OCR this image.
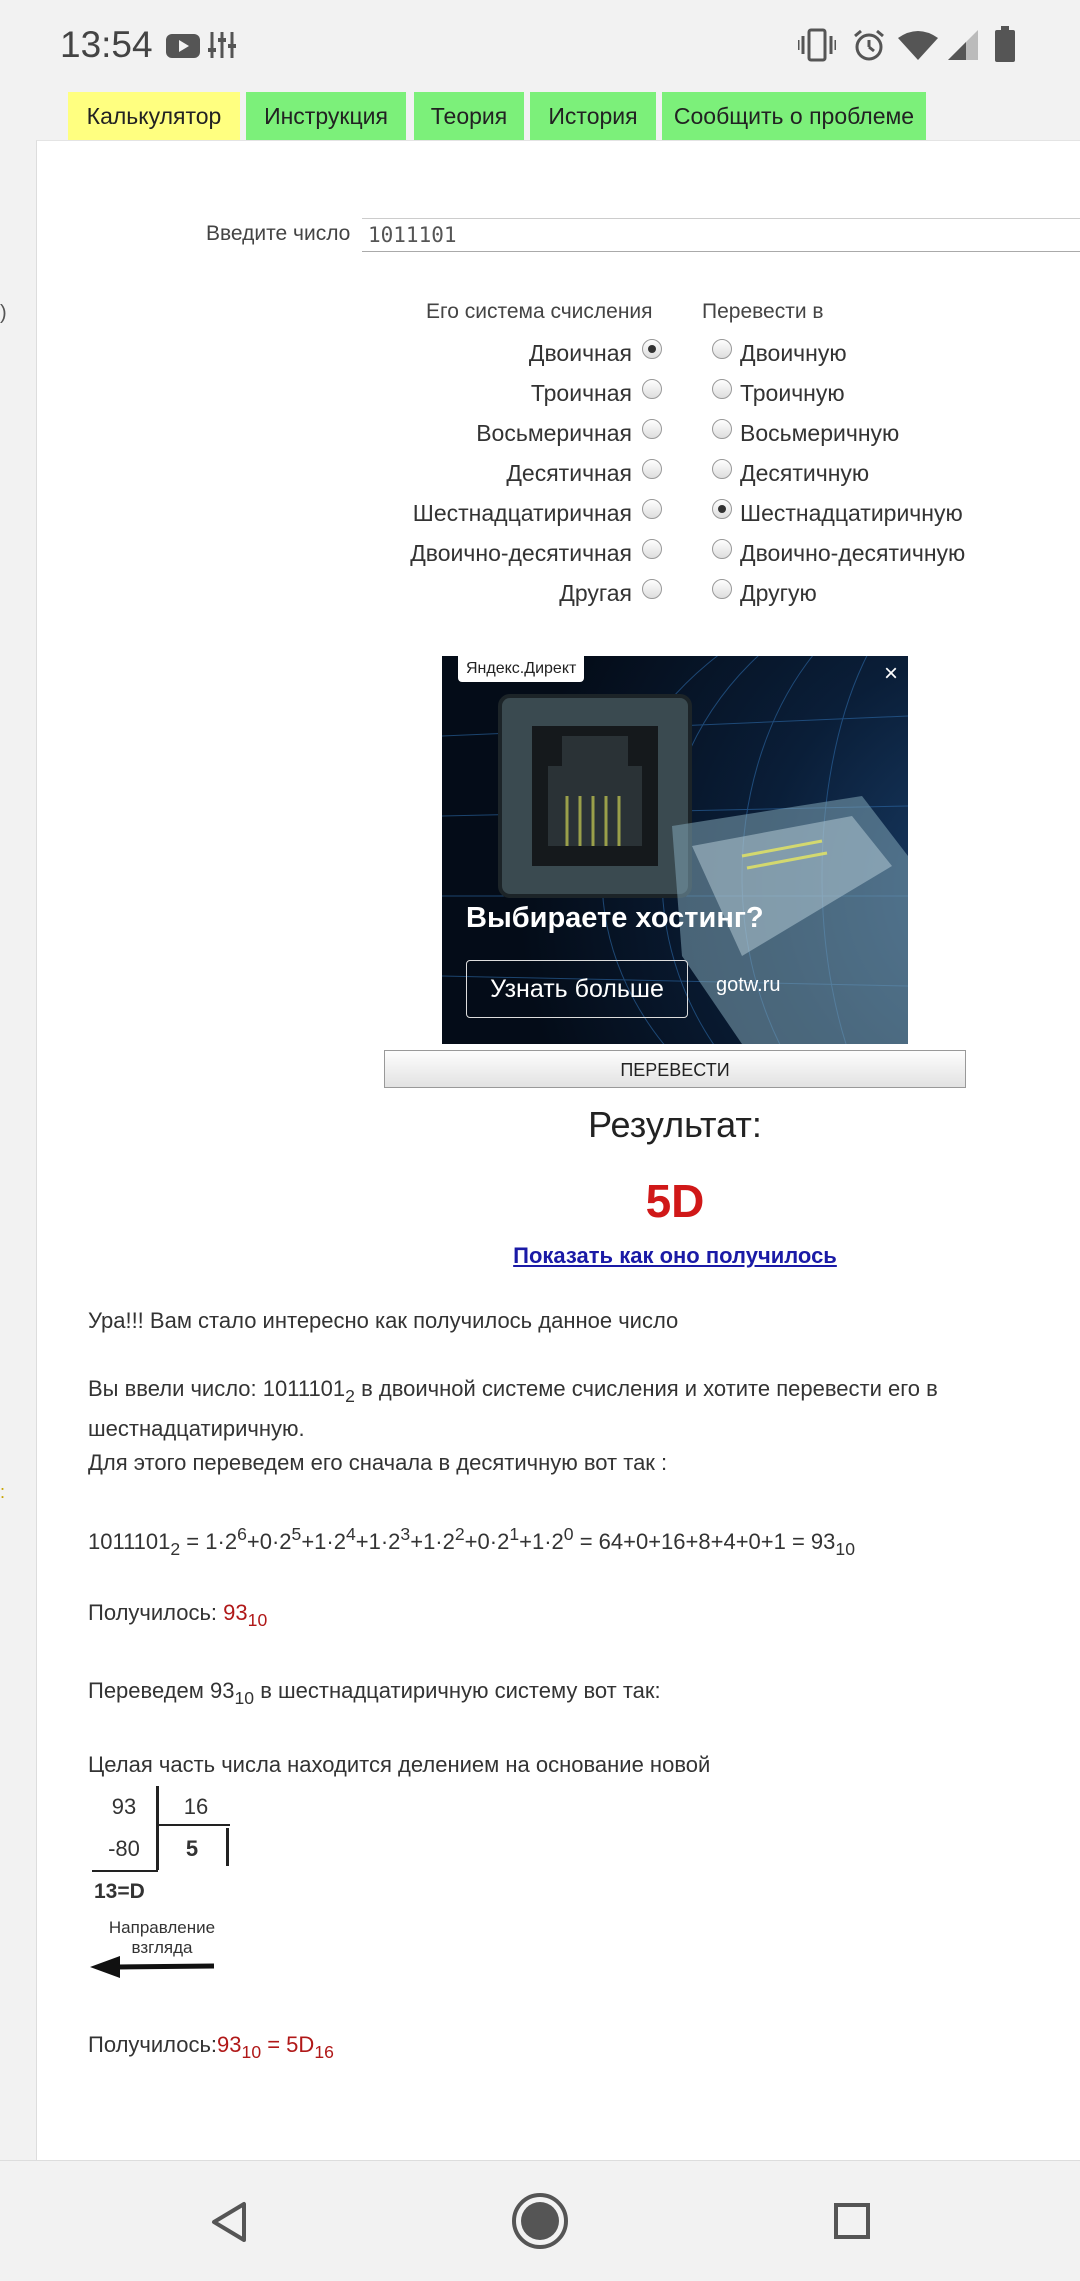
13:54
Калькулятор	Инструкция	Теория	История	Сообщить о проблеме
)
:
Введите число
1011101
Его система счисления Перевести в
Двоичная
Троичная
Восьмеричная
Десятичная
Шестнадцатиричная
Двоично-десятичная
Другая
Двоичную
Троичную
Восьмеричную
Десятичную
Шестнадцатиричную
Двоично-десятичную
Другую
Яндекс.Директ	×
Выбираете хостинг?
Узнать больше	gotw.ru
ПЕРЕВЕСТИ
Результат:
5D
Показать как оно получилось
Ура!!! Вам стало интересно как получилось данное число
Вы ввели число: $1011101_2$ в двоичной системе счисления и хотите перевести его в
шестнадцатиричную.
Для этого переведем его сначала в десятичную вот так :
$1011101_2 = 1\cdot 2^6+0\cdot 2^5+1\cdot 2^4+1\cdot 2^3+1\cdot 2^2+0\cdot 2^1+1\cdot 2^0 = 64+0+16+8+4+0+1 = 93_{10}$
Получилось: $93_{10}$
Переведем $93_{10}$ в шестнадцатиричную систему вот так:
Целая часть числа находится делением на основание новой
93	16
-80	5
13=D
Направление
взгляда
$Получилось:93_{10} = 5D_{16}$
